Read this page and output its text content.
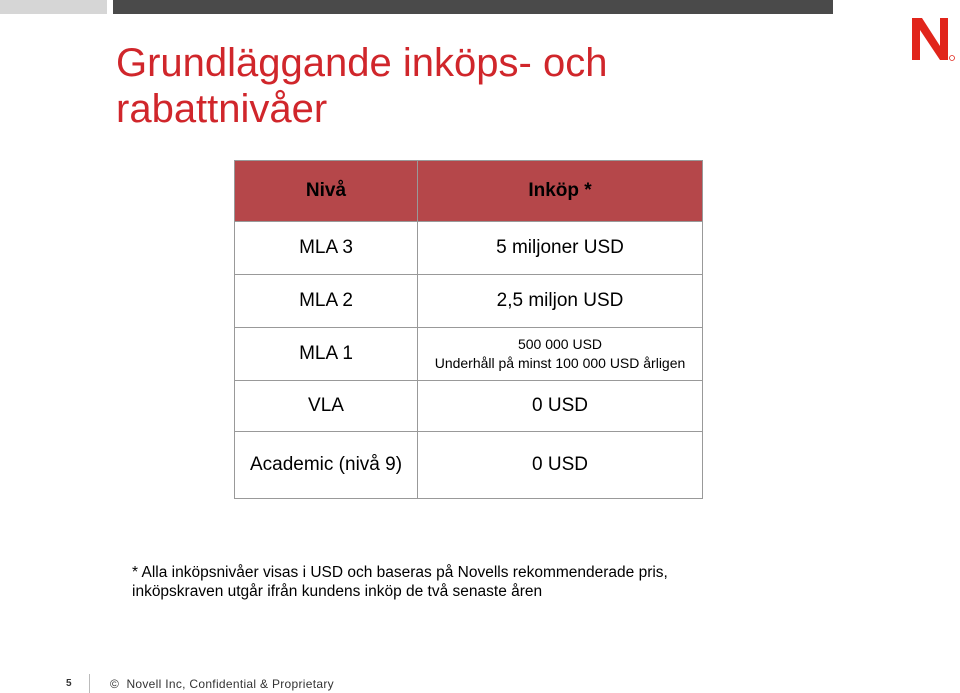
Grundläggande inköps- och
rabattnivåer
Nivå	Inköp *
MLA 3	5 miljoner USD
MLA 2	2,5 miljon USD
MLA 1	500 000 USD
Underhåll på minst 100 000 USD årligen

VLA	0 USD
Academic (nivå 9)	0 USD
* Alla inköpsnivåer visas i USD och baseras på Novells rekommenderade pris,
inköpskraven utgår ifrån kundens inköp de två senaste åren
5	© Novell Inc, Confidential & Proprietary
